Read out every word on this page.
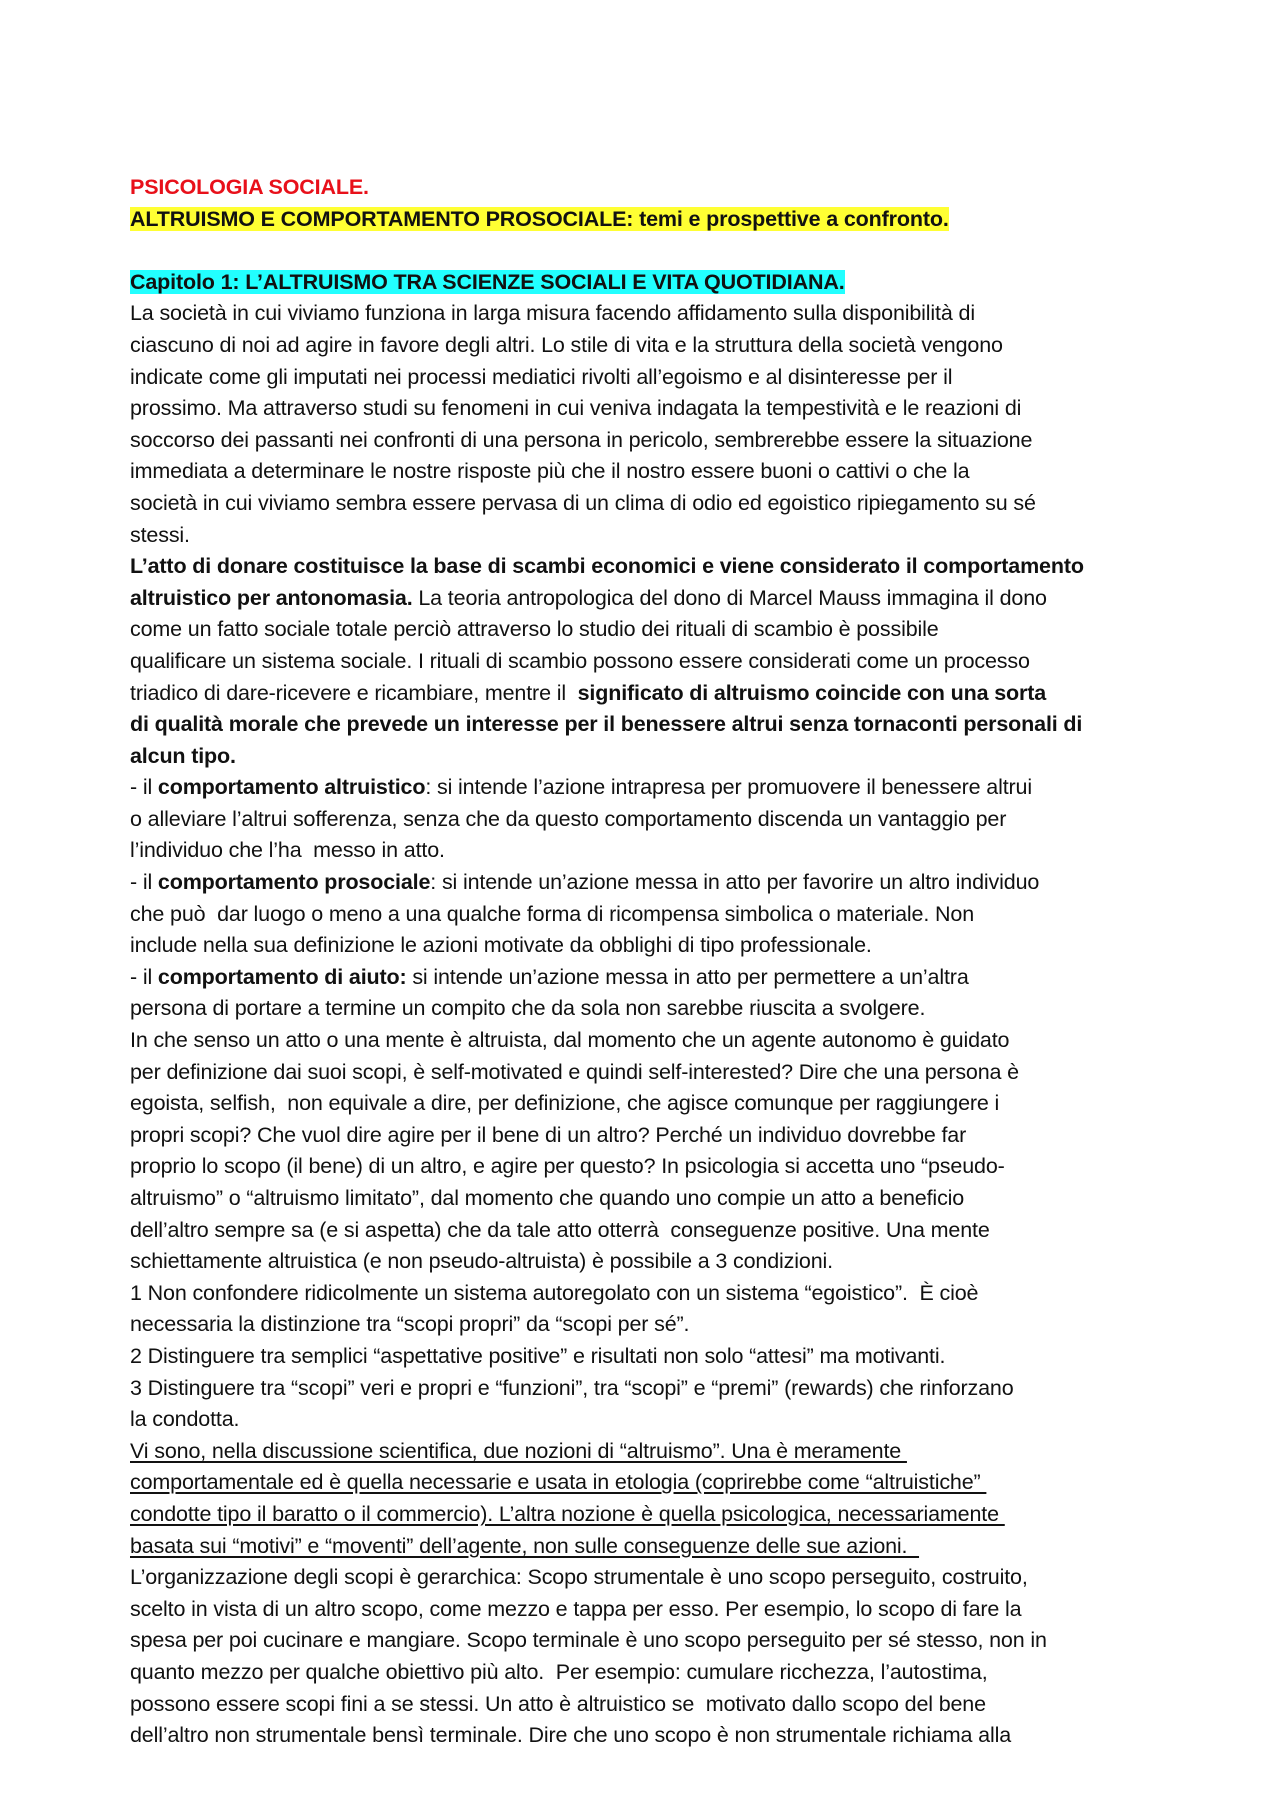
PSICOLOGIA SOCIALE.
ALTRUISMO E COMPORTAMENTO PROSOCIALE: temi e prospettive a confronto.
Capitolo 1: L’ALTRUISMO TRA SCIENZE SOCIALI E VITA QUOTIDIANA.
La società in cui viviamo funziona in larga misura facendo affidamento sulla disponibilità di
ciascuno di noi ad agire in favore degli altri. Lo stile di vita e la struttura della società vengono
indicate come gli imputati nei processi mediatici rivolti all’egoismo e al disinteresse per il
prossimo. Ma attraverso studi su fenomeni in cui veniva indagata la tempestività e le reazioni di
soccorso dei passanti nei confronti di una persona in pericolo, sembrerebbe essere la situazione
immediata a determinare le nostre risposte più che il nostro essere buoni o cattivi o che la
società in cui viviamo sembra essere pervasa di un clima di odio ed egoistico ripiegamento su sé
stessi.
L’atto di donare costituisce la base di scambi economici e viene considerato il comportamento
altruistico per antonomasia. La teoria antropologica del dono di Marcel Mauss immagina il dono
come un fatto sociale totale perciò attraverso lo studio dei rituali di scambio è possibile
qualificare un sistema sociale. I rituali di scambio possono essere considerati come un processo
triadico di dare-ricevere e ricambiare, mentre il  significato di altruismo coincide con una sorta
di qualità morale che prevede un interesse per il benessere altrui senza tornaconti personali di
alcun tipo.
- il comportamento altruistico: si intende l’azione intrapresa per promuovere il benessere altrui
o alleviare l’altrui sofferenza, senza che da questo comportamento discenda un vantaggio per
l’individuo che l’ha  messo in atto.
- il comportamento prosociale: si intende un’azione messa in atto per favorire un altro individuo
che può  dar luogo o meno a una qualche forma di ricompensa simbolica o materiale. Non
include nella sua definizione le azioni motivate da obblighi di tipo professionale.
- il comportamento di aiuto: si intende un’azione messa in atto per permettere a un’altra
persona di portare a termine un compito che da sola non sarebbe riuscita a svolgere.
In che senso un atto o una mente è altruista, dal momento che un agente autonomo è guidato
per definizione dai suoi scopi, è self-motivated e quindi self-interested? Dire che una persona è
egoista, selfish,  non equivale a dire, per definizione, che agisce comunque per raggiungere i
propri scopi? Che vuol dire agire per il bene di un altro? Perché un individuo dovrebbe far
proprio lo scopo (il bene) di un altro, e agire per questo? In psicologia si accetta uno “pseudo-
altruismo” o “altruismo limitato”, dal momento che quando uno compie un atto a beneficio
dell’altro sempre sa (e si aspetta) che da tale atto otterrà  conseguenze positive. Una mente
schiettamente altruistica (e non pseudo-altruista) è possibile a 3 condizioni.
1 Non confondere ridicolmente un sistema autoregolato con un sistema “egoistico”.  È cioè
necessaria la distinzione tra “scopi propri” da “scopi per sé”.
2 Distinguere tra semplici “aspettative positive” e risultati non solo “attesi” ma motivanti.
3 Distinguere tra “scopi” veri e propri e “funzioni”, tra “scopi” e “premi” (rewards) che rinforzano
la condotta.
Vi sono, nella discussione scientifica, due nozioni di “altruismo”. Una è meramente
comportamentale ed è quella necessarie e usata in etologia (coprirebbe come “altruistiche”
condotte tipo il baratto o il commercio). L’altra nozione è quella psicologica, necessariamente
basata sui “motivi” e “moventi” dell’agente, non sulle conseguenze delle sue azioni.
L’organizzazione degli scopi è gerarchica: Scopo strumentale è uno scopo perseguito, costruito,
scelto in vista di un altro scopo, come mezzo e tappa per esso. Per esempio, lo scopo di fare la
spesa per poi cucinare e mangiare. Scopo terminale è uno scopo perseguito per sé stesso, non in
quanto mezzo per qualche obiettivo più alto.  Per esempio: cumulare ricchezza, l’autostima,
possono essere scopi fini a se stessi. Un atto è altruistico se  motivato dallo scopo del bene
dell’altro non strumentale bensì terminale. Dire che uno scopo è non strumentale richiama alla
